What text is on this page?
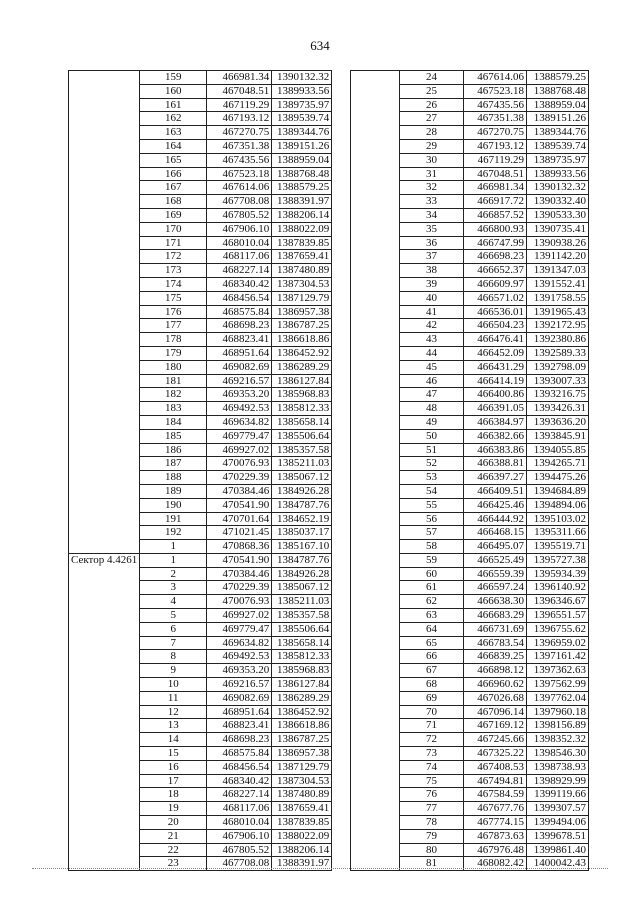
634
	159	466981.34	1390132.32
	160	467048.51	1389933.56
	161	467119.29	1389735.97
	162	467193.12	1389539.74
	163	467270.75	1389344.76
	164	467351.38	1389151.26
	165	467435.56	1388959.04
	166	467523.18	1388768.48
	167	467614.06	1388579.25
	168	467708.08	1388391.97
	169	467805.52	1388206.14
	170	467906.10	1388022.09
	171	468010.04	1387839.85
	172	468117.06	1387659.41
	173	468227.14	1387480.89
	174	468340.42	1387304.53
	175	468456.54	1387129.79
	176	468575.84	1386957.38
	177	468698.23	1386787.25
	178	468823.41	1386618.86
	179	468951.64	1386452.92
	180	469082.69	1386289.29
	181	469216.57	1386127.84
	182	469353.20	1385968.83
	183	469492.53	1385812.33
	184	469634.82	1385658.14
	185	469779.47	1385506.64
	186	469927.02	1385357.58
	187	470076.93	1385211.03
	188	470229.39	1385067.12
	189	470384.46	1384926.28
	190	470541.90	1384787.76
	191	470701.64	1384652.19
	192	471021.45	1385037.17
	1	470868.36	1385167.10
Сектор 4.4261	1	470541.90	1384787.76
	2	470384.46	1384926.28
	3	470229.39	1385067.12
	4	470076.93	1385211.03
	5	469927.02	1385357.58
	6	469779.47	1385506.64
	7	469634.82	1385658.14
	8	469492.53	1385812.33
	9	469353.20	1385968.83
	10	469216.57	1386127.84
	11	469082.69	1386289.29
	12	468951.64	1386452.92
	13	468823.41	1386618.86
	14	468698.23	1386787.25
	15	468575.84	1386957.38
	16	468456.54	1387129.79
	17	468340.42	1387304.53
	18	468227.14	1387480.89
	19	468117.06	1387659.41
	20	468010.04	1387839.85
	21	467906.10	1388022.09
	22	467805.52	1388206.14
	23	467708.08	1388391.97
	24	467614.06	1388579.25
	25	467523.18	1388768.48
	26	467435.56	1388959.04
	27	467351.38	1389151.26
	28	467270.75	1389344.76
	29	467193.12	1389539.74
	30	467119.29	1389735.97
	31	467048.51	1389933.56
	32	466981.34	1390132.32
	33	466917.72	1390332.40
	34	466857.52	1390533.30
	35	466800.93	1390735.41
	36	466747.99	1390938.26
	37	466698.23	1391142.20
	38	466652.37	1391347.03
	39	466609.97	1391552.41
	40	466571.02	1391758.55
	41	466536.01	1391965.43
	42	466504.23	1392172.95
	43	466476.41	1392380.86
	44	466452.09	1392589.33
	45	466431.29	1392798.09
	46	466414.19	1393007.33
	47	466400.86	1393216.75
	48	466391.05	1393426.31
	49	466384.97	1393636.20
	50	466382.66	1393845.91
	51	466383.86	1394055.85
	52	466388.81	1394265.71
	53	466397.27	1394475.26
	54	466409.51	1394684.89
	55	466425.46	1394894.06
	56	466444.92	1395103.02
	57	466468.15	1395311.66
	58	466495.07	1395519.71
	59	466525.49	1395727.38
	60	466559.39	1395934.39
	61	466597.24	1396140.92
	62	466638.30	1396346.67
	63	466683.29	1396551.57
	64	466731.69	1396755.62
	65	466783.54	1396959.02
	66	466839.25	1397161.42
	67	466898.12	1397362.63
	68	466960.62	1397562.99
	69	467026.68	1397762.04
	70	467096.14	1397960.18
	71	467169.12	1398156.89
	72	467245.66	1398352.32
	73	467325.22	1398546.30
	74	467408.53	1398738.93
	75	467494.81	1398929.99
	76	467584.59	1399119.66
	77	467677.76	1399307.57
	78	467774.15	1399494.06
	79	467873.63	1399678.51
	80	467976.48	1399861.40
	81	468082.42	1400042.43
